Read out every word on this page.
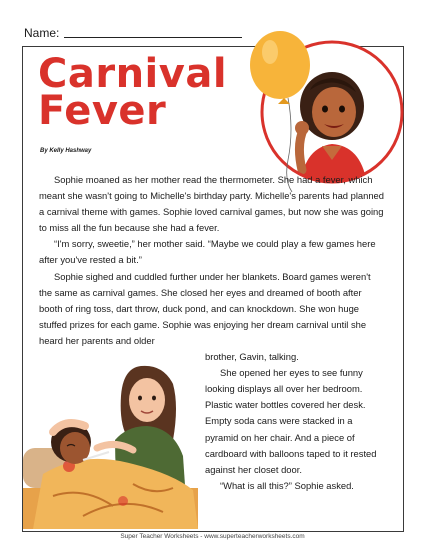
Name:
Carnival
Fever
By Kelly Hashway

Sophie moaned as her mother read the thermometer. She had a fever, which meant she wasn't going to Michelle's birthday party. Michelle's parents had planned a carnival theme with games. Sophie loved carnival games, but now she was going to miss all the fun because she had a fever.

“I'm sorry, sweetie,” her mother said. “Maybe we could play a few games here after you've rested a bit.”

Sophie sighed and cuddled further under her blankets. Board games weren't the same as carnival games. She closed her eyes and dreamed of booth after booth of ring toss, dart throw, duck pond, and can knockdown. She won huge stuffed prizes for each game. Sophie was enjoying her dream carnival until she heard her parents and older

brother, Gavin, talking.

She opened her eyes to see funny looking displays all over her bedroom. Plastic water bottles covered her desk. Empty soda cans were stacked in a pyramid on her chair. And a piece of cardboard with balloons taped to it rested against her closet door.

“What is all this?” Sophie asked.

Super Teacher Worksheets - www.superteacherworksheets.com
